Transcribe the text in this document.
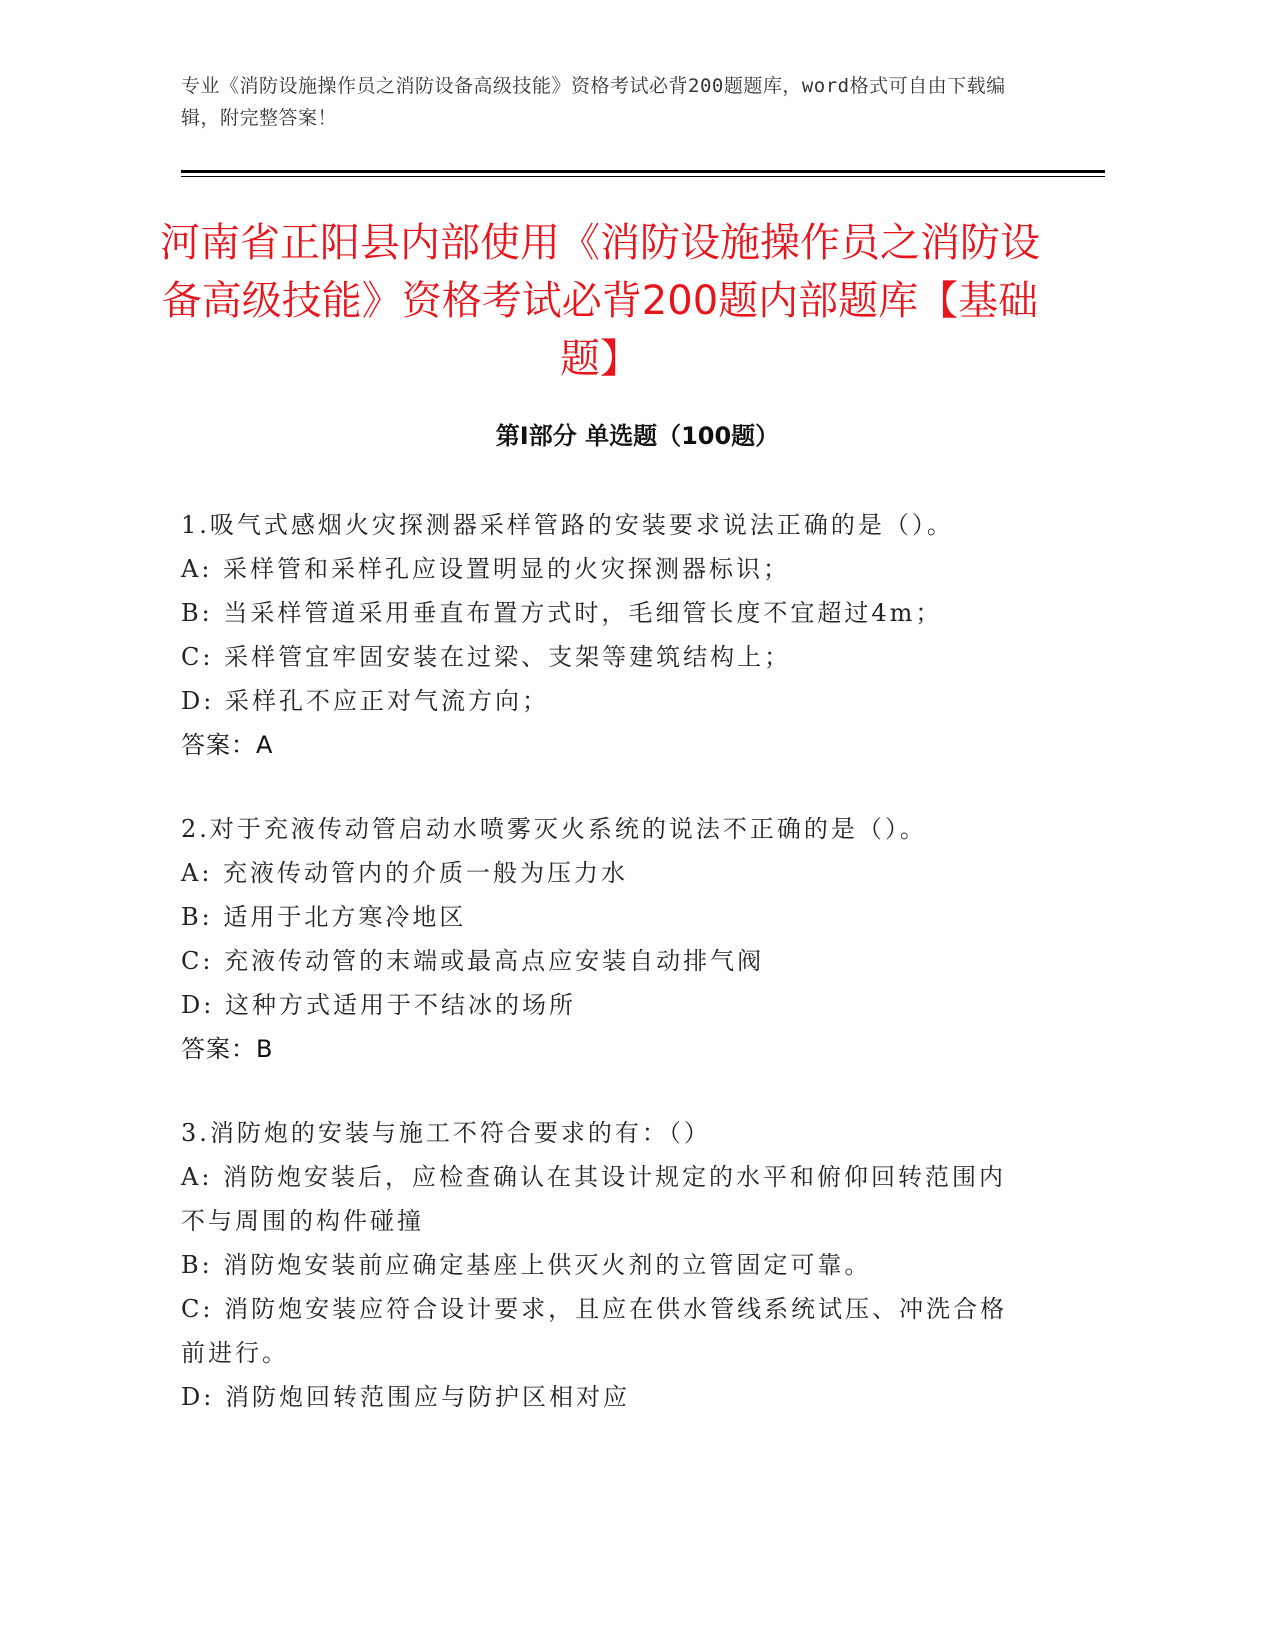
专业《消防设施操作员之消防设备高级技能》资格考试必背200题题库，word格式可自由下载编辑，附完整答案！
河南省正阳县内部使用《消防设施操作员之消防设备高级技能》资格考试必背200题内部题库【基础题】
第I部分 单选题（100题）
1.吸气式感烟火灾探测器采样管路的安装要求说法正确的是（）。
A: 采样管和采样孔应设置明显的火灾探测器标识；
B: 当采样管道采用垂直布置方式时，毛细管长度不宜超过4m；
C: 采样管宜牢固安装在过梁、支架等建筑结构上；
D: 采样孔不应正对气流方向；
答案：A
2.对于充液传动管启动水喷雾灭火系统的说法不正确的是（）。
A: 充液传动管内的介质一般为压力水
B: 适用于北方寒冷地区
C: 充液传动管的末端或最高点应安装自动排气阀
D: 这种方式适用于不结冰的场所
答案：B
3.消防炮的安装与施工不符合要求的有：（）
A: 消防炮安装后，应检查确认在其设计规定的水平和俯仰回转范围内不与周围的构件碰撞
B: 消防炮安装前应确定基座上供灭火剂的立管固定可靠。
C: 消防炮安装应符合设计要求，且应在供水管线系统试压、冲洗合格前进行。
D: 消防炮回转范围应与防护区相对应
